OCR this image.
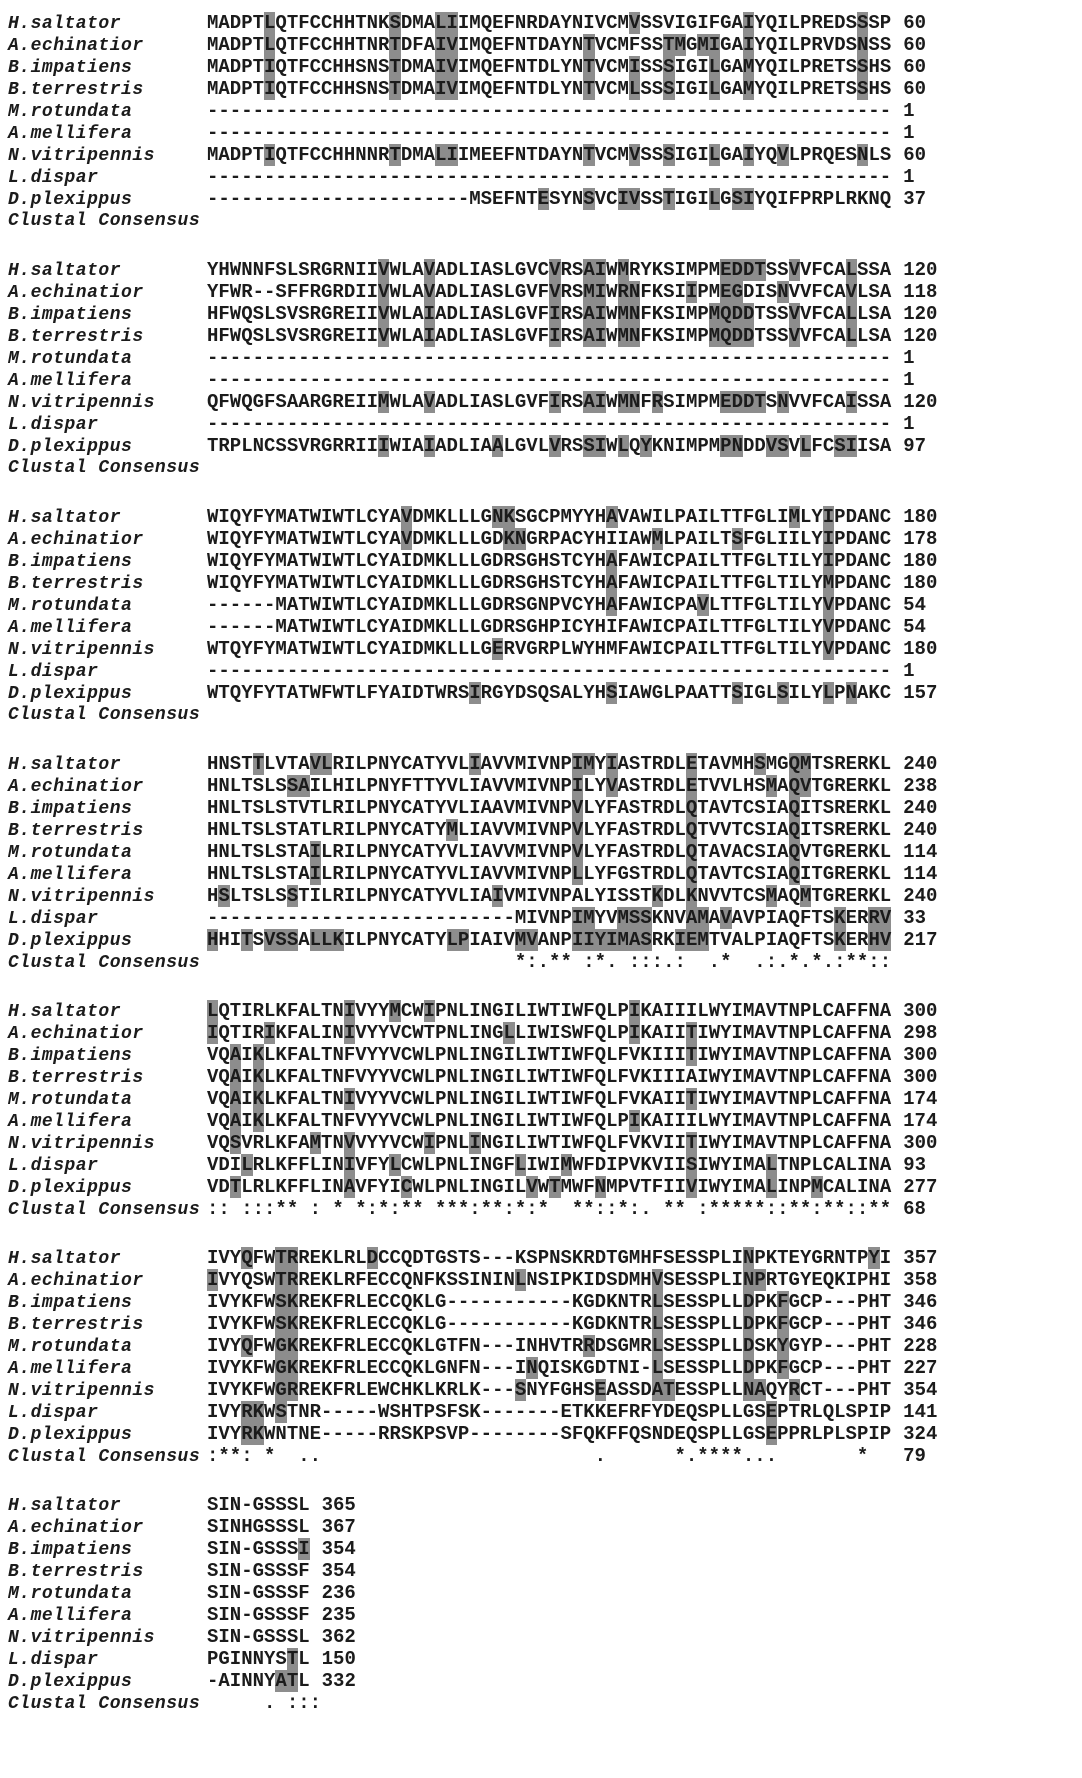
H.saltator	MADPTLQTFCCHHTNKSDMALIIMQEFNRDAYNIVCMVSSVIGIFGAIYQILPREDSSSP 60
A.echinatior	MADPTLQTFCCHHTNRTDFAIVIMQEFNTDAYNTVCMFSSTMGMIGAIYQILPRVDSNSS 60
B.impatiens	MADPTIQTFCCHHSNSTDMAIVIMQEFNTDLYNTVCMISSSIGILGAMYQILPRETSSHS 60
B.terrestris	MADPTIQTFCCHHSNSTDMAIVIMQEFNTDLYNTVCMLSSSIGILGAMYQILPRETSSHS 60
M.rotundata	------------------------------------------------------------ 1
A.mellifera	------------------------------------------------------------ 1
N.vitripennis	MADPTIQTFCCHHNNRTDMALIIMEEFNTDAYNTVCMVSSSIGILGAIYQVLPRQESNLS 60
L.dispar	------------------------------------------------------------ 1
D.plexippus	-----------------------MSEFNTESYNSVCIVSSTIGILGSIYQIFPRPLRKNQ 37
Clustal Consensus
H.saltator	YHWNNFSLSRGRNIIVWLAVADLIASLGVCVRSAIWMRYKSIMPMEDDTSSVVFCALSSA 120
A.echinatior	YFWR--SFFRGRDIIVWLAVADLIASLGVFVRSMIWRNFKSIIPMEGDISNVVFCAVLSA 118
B.impatiens	HFWQSLSVSRGREIIVWLAIADLIASLGVFIRSAIWMNFKSIMPMQDDTSSVVFCALLSA 120
B.terrestris	HFWQSLSVSRGREIIVWLAIADLIASLGVFIRSAIWMNFKSIMPMQDDTSSVVFCALLSA 120
M.rotundata	------------------------------------------------------------ 1
A.mellifera	------------------------------------------------------------ 1
N.vitripennis	QFWQGFSAARGREIIMWLAVADLIASLGVFIRSAIWMNFRSIMPMEDDTSNVVFCAISSA 120
L.dispar	------------------------------------------------------------ 1
D.plexippus	TRPLNCSSVRGRRIIIWIAIADLIAALGVLVRSSIWLQYKNIMPMPNDDVSVLFCSIISA 97
Clustal Consensus
H.saltator	WIQYFYMATWIWTLCYAVDMKLLLGNKSGCPMYYHAVAWILPAILTTFGLIMLYIPDANC 180
A.echinatior	WIQYFYMATWIWTLCYAVDMKLLLGDKNGRPACYHIIAWMLPAILTSFGLIILYIPDANC 178
B.impatiens	WIQYFYMATWIWTLCYAIDMKLLLGDRSGHSTCYHAFAWICPAILTTFGLTILYIPDANC 180
B.terrestris	WIQYFYMATWIWTLCYAIDMKLLLGDRSGHSTCYHAFAWICPAILTTFGLTILYMPDANC 180
M.rotundata	------MATWIWTLCYAIDMKLLLGDRSGNPVCYHAFAWICPAVLTTFGLTILYVPDANC 54
A.mellifera	------MATWIWTLCYAIDMKLLLGDRSGHPICYHIFAWICPAILTTFGLTILYVPDANC 54
N.vitripennis	WTQYFYMATWIWTLCYAIDMKLLLGERVGRPLWYHMFAWICPAILTTFGLTILYVPDANC 180
L.dispar	------------------------------------------------------------ 1
D.plexippus	WTQYFYTATWFWTLFYAIDTWRSIRGYDSQSALYHSIAWGLPAATTSIGLSILYLPNAKC 157
Clustal Consensus
H.saltator	HNSTTLVTAVLRILPNYCATYVLIAVVMIVNPIMYIASTRDLETAVMHSMGQMTSRERKL 240
A.echinatior	HNLTSLSSAILHILPNYFTTYVLIAVVMIVNPILYVASTRDLETVVLHSMAQVTGRERKL 238
B.impatiens	HNLTSLSTVTLRILPNYCATYVLIAAVMIVNPVLYFASTRDLQTAVTCSIAQITSRERKL 240
B.terrestris	HNLTSLSTATLRILPNYCATYMLIAVVMIVNPVLYFASTRDLQTVVTCSIAQITSRERKL 240
M.rotundata	HNLTSLSTAILRILPNYCATYVLIAVVMIVNPVLYFASTRDLQTAVACSIAQVTGRERKL 114
A.mellifera	HNLTSLSTAILRILPNYCATYVLIAVVMIVNPLLYFGSTRDLQTAVTCSIAQITGRERKL 114
N.vitripennis	HSLTSLSSTILRILPNYCATYVLIAIVMIVNPALYISSTKDLKNVVTCSMAQMTGRERKL 240
L.dispar	---------------------------MIVNPIMYVMSSKNVAMAVAVPIAQFTSKERRV 33
D.plexippus	HHITSVSSALLKILPNYCATYLPIAIVMVANPIIYIMASRKIEMTVALPIAQFTSKERHV 217
Clustal Consensus *:.** :*. :::.:  .*  .:.*.*.:**::
H.saltator	LQTIRLKFALTNIVYYMCWIPNLINGILIWTIWFQLPIKAIIILWYIMAVTNPLCAFFNA 300
A.echinatior	IQTIRIKFALINIVYYVCWTPNLINGLLIWISWFQLPIKAIITIWYIMAVTNPLCAFFNA 298
B.impatiens	VQAIKLKFALTNFVYYVCWLPNLINGILIWTIWFQLFVKIIITIWYIMAVTNPLCAFFNA 300
B.terrestris	VQAIKLKFALTNFVYYVCWLPNLINGILIWTIWFQLFVKIIIAIWYIMAVTNPLCAFFNA 300
M.rotundata	VQAIKLKFALTNIVYYVCWLPNLINGILIWTIWFQLFVKAIITIWYIMAVTNPLCAFFNA 174
A.mellifera	VQAIKLKFALTNFVYYVCWLPNLINGILIWTIWFQLPIKAIIILWYIMAVTNPLCAFFNA 174
N.vitripennis	VQSVRLKFAMTNVVYYVCWIPNLINGILIWTIWFQLFVKVIITIWYIMAVTNPLCAFFNA 300
L.dispar	VDILRLKFFLINIVFYLCWLPNLINGFLIWIMWFDIPVKVIISIWYIMALTNPLCALINA 93
D.plexippus	VDTLRLKFFLINAVFYICWLPNLINGILVWTMWFNMPVTFIIVIWYIMALINPMCALINA 277
Clustal Consensus :: :::** : * *:*:** ***:**:*:*  **::*:. ** :*****::**:**::** 68
H.saltator	IVYQFWTRREKLRLDCCQDTGSTS---KSPNSKRDTGMHFSESSPLINPKTEYGRNTPYI 357
A.echinatior	IVYQSWTRREKLRFECCQNFKSSININLNSIPKIDSDMHVSESSPLINPRTGYEQKIPHI 358
B.impatiens	IVYKFWSKREKFRLECCQKLG-----------KGDKNTRLSESSPLLDPKFGCP---PHT 346
B.terrestris	IVYKFWSKREKFRLECCQKLG-----------KGDKNTRLSESSPLLDPKFGCP---PHT 346
M.rotundata	IVYQFWGKREKFRLECCQKLGTFN---INHVTRRDSGMRLSESSPLLDSKYGYP---PHT 228
A.mellifera	IVYKFWGKREKFRLECCQKLGNFN---INQISKGDTNI-LSESSPLLDPKFGCP---PHT 227
N.vitripennis	IVYKFWGRREKFRLEWCHKLKRLK---SNYFGHSEASSDATESSPLLNAQYRCT---PHT 354
L.dispar	IVYRKWSTNR-----WSHTPSFSK-------ETKKEFRFYDEQSPLLGSEPTRLQLSPIP 141
D.plexippus	IVYRKWNTNE-----RRSKPSVP--------SFQKFFQSNDEQSPLLGSEPPRLPLSPIP 324
Clustal Consensus :**: *  ..                        .      *.****...       * 79
H.saltator	SIN-GSSSL 365
A.echinatior	SINHGSSSL 367
B.impatiens	SIN-GSSSI 354
B.terrestris	SIN-GSSSF 354
M.rotundata	SIN-GSSSF 236
A.mellifera	SIN-GSSSF 235
N.vitripennis	SIN-GSSSL 362
L.dispar	PGINNYSTL 150
D.plexippus	-AINNYATL 332
Clustal Consensus . :::
